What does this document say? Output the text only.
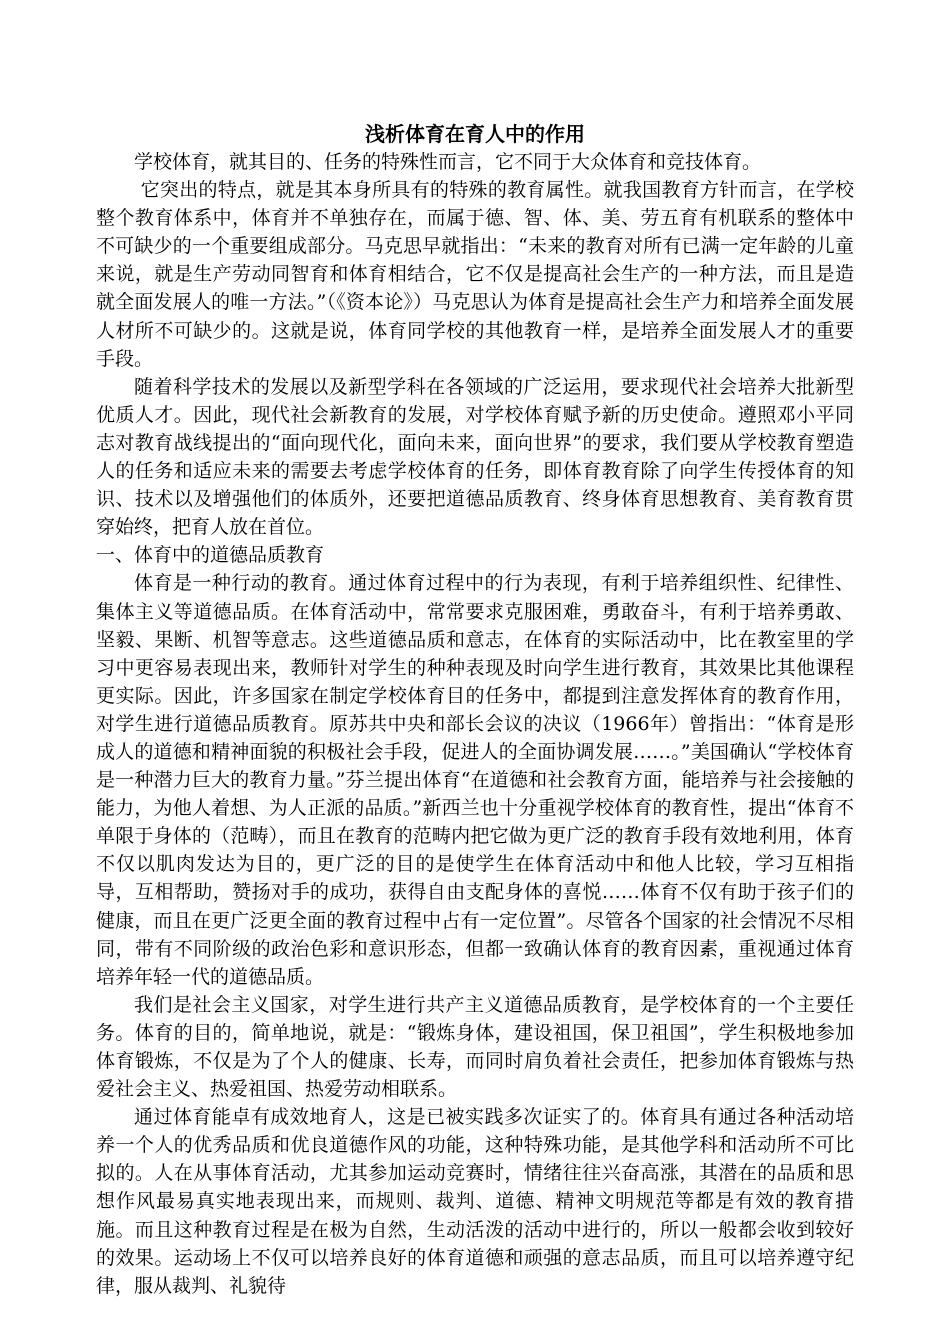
浅析体育在育人中的作用

学校体育，就其目的、任务的特殊性而言，它不同于大众体育和竞技体育。

它突出的特点，就是其本身所具有的特殊的教育属性。就我国教育方针而言，在学校整个教育体系中，体育并不单独存在，而属于德、智、体、美、劳五育有机联系的整体中不可缺少的一个重要组成部分。马克思早就指出：“未来的教育对所有已满一定年龄的儿童来说，就是生产劳动同智育和体育相结合，它不仅是提高社会生产的一种方法，而且是造就全面发展人的唯一方法。”（《资本论》）马克思认为体育是提高社会生产力和培养全面发展人材所不可缺少的。这就是说，体育同学校的其他教育一样，是培养全面发展人才的重要手段。

随着科学技术的发展以及新型学科在各领域的广泛运用，要求现代社会培养大批新型优质人才。因此，现代社会新教育的发展，对学校体育赋予新的历史使命。遵照邓小平同志对教育战线提出的“面向现代化，面向未来，面向世界”的要求，我们要从学校教育塑造人的任务和适应未来的需要去考虑学校体育的任务，即体育教育除了向学生传授体育的知识、技术以及增强他们的体质外，还要把道德品质教育、终身体育思想教育、美育教育贯穿始终，把育人放在首位。

一、体育中的道德品质教育

体育是一种行动的教育。通过体育过程中的行为表现，有利于培养组织性、纪律性、集体主义等道德品质。在体育活动中，常常要求克服困难，勇敢奋斗，有利于培养勇敢、坚毅、果断、机智等意志。这些道德品质和意志，在体育的实际活动中，比在教室里的学习中更容易表现出来，教师针对学生的种种表现及时向学生进行教育，其效果比其他课程更实际。因此，许多国家在制定学校体育目的任务中，都提到注意发挥体育的教育作用，对学生进行道德品质教育。原苏共中央和部长会议的决议（1966年）曾指出：“体育是形成人的道德和精神面貌的积极社会手段，促进人的全面协调发展……。”美国确认“学校体育是一种潜力巨大的教育力量。”芬兰提出体育“在道德和社会教育方面，能培养与社会接触的能力，为他人着想、为人正派的品质。”新西兰也十分重视学校体育的教育性，提出“体育不单限于身体的（范畴），而且在教育的范畴内把它做为更广泛的教育手段有效地利用，体育不仅以肌肉发达为目的，更广泛的目的是使学生在体育活动中和他人比较，学习互相指导，互相帮助，赞扬对手的成功，获得自由支配身体的喜悦……体育不仅有助于孩子们的健康，而且在更广泛更全面的教育过程中占有一定位置”。尽管各个国家的社会情况不尽相同，带有不同阶级的政治色彩和意识形态，但都一致确认体育的教育因素，重视通过体育培养年轻一代的道德品质。

我们是社会主义国家，对学生进行共产主义道德品质教育，是学校体育的一个主要任务。体育的目的，简单地说，就是：“锻炼身体，建设祖国，保卫祖国”，学生积极地参加体育锻炼，不仅是为了个人的健康、长寿，而同时肩负着社会责任，把参加体育锻炼与热爱社会主义、热爱祖国、热爱劳动相联系。

通过体育能卓有成效地育人，这是已被实践多次证实了的。体育具有通过各种活动培养一个人的优秀品质和优良道德作风的功能，这种特殊功能，是其他学科和活动所不可比拟的。人在从事体育活动，尤其参加运动竞赛时，情绪往往兴奋高涨，其潜在的品质和思想作风最易真实地表现出来，而规则、裁判、道德、精神文明规范等都是有效的教育措施。而且这种教育过程是在极为自然，生动活泼的活动中进行的，所以一般都会收到较好的效果。运动场上不仅可以培养良好的体育道德和顽强的意志品质，而且可以培养遵守纪律，服从裁判、礼貌待
